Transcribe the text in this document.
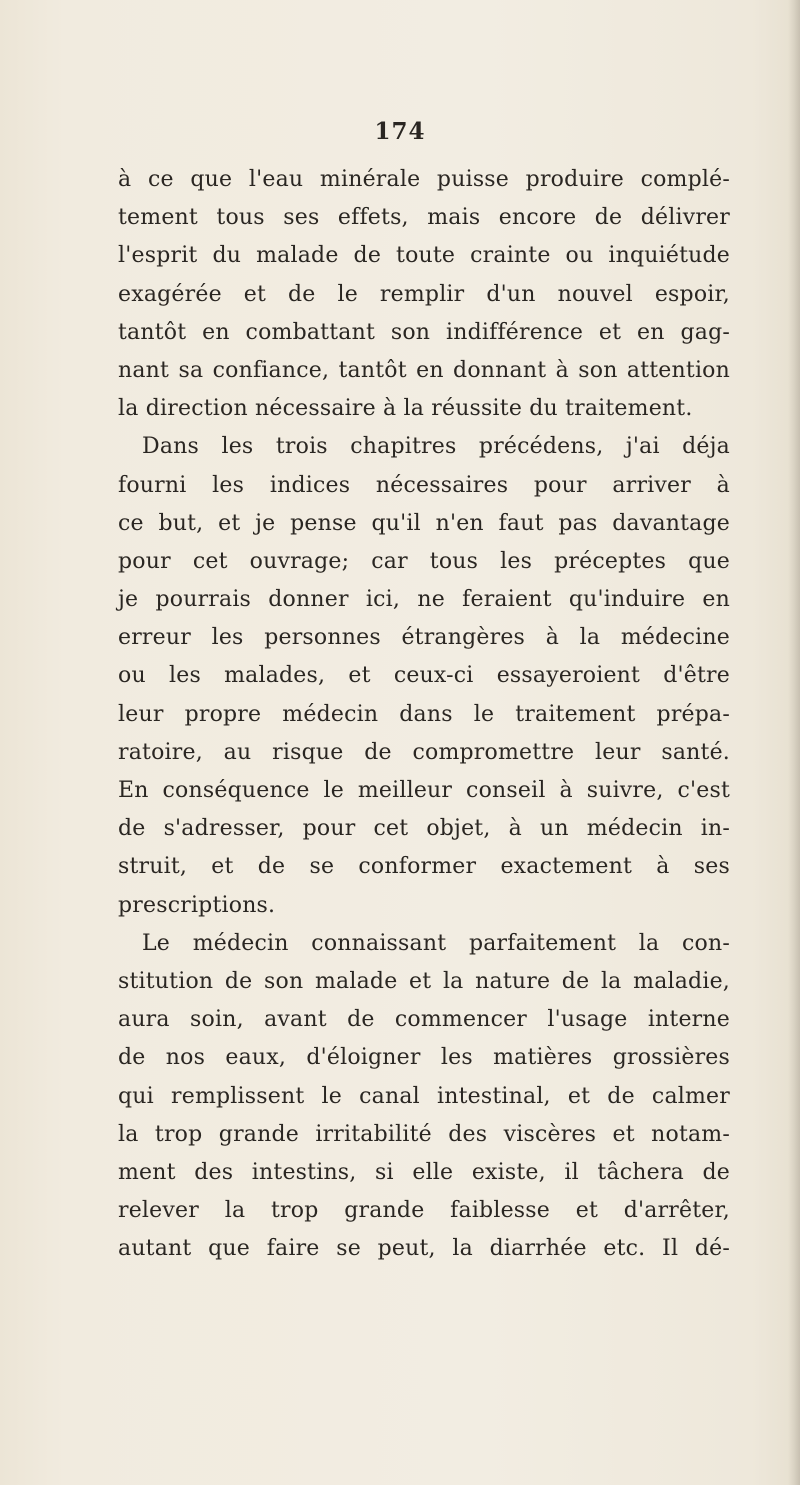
174
à ce que l'eau minérale puisse produire complé-
tement tous ses effets, mais encore de délivrer
l'esprit du malade de toute crainte ou inquiétude
exagérée et de le remplir d'un nouvel espoir,
tantôt en combattant son indifférence et en gag-
nant sa confiance, tantôt en donnant à son attention
la direction nécessaire à la réussite du traitement.
Dans les trois chapitres précédens, j'ai déja
fourni les indices nécessaires pour arriver à
ce but, et je pense qu'il n'en faut pas davantage
pour cet ouvrage; car tous les préceptes que
je pourrais donner ici, ne feraient qu'induire en
erreur les personnes étrangères à la médecine
ou les malades, et ceux-ci essayeroient d'être
leur propre médecin dans le traitement prépa-
ratoire, au risque de compromettre leur santé.
En conséquence le meilleur conseil à suivre, c'est
de s'adresser, pour cet objet, à un médecin in-
struit, et de se conformer exactement à ses
prescriptions.
Le médecin connaissant parfaitement la con-
stitution de son malade et la nature de la maladie,
aura soin, avant de commencer l'usage interne
de nos eaux, d'éloigner les matières grossières
qui remplissent le canal intestinal, et de calmer
la trop grande irritabilité des viscères et notam-
ment des intestins, si elle existe, il tâchera de
relever la trop grande faiblesse et d'arrêter,
autant que faire se peut, la diarrhée etc. Il dé-
